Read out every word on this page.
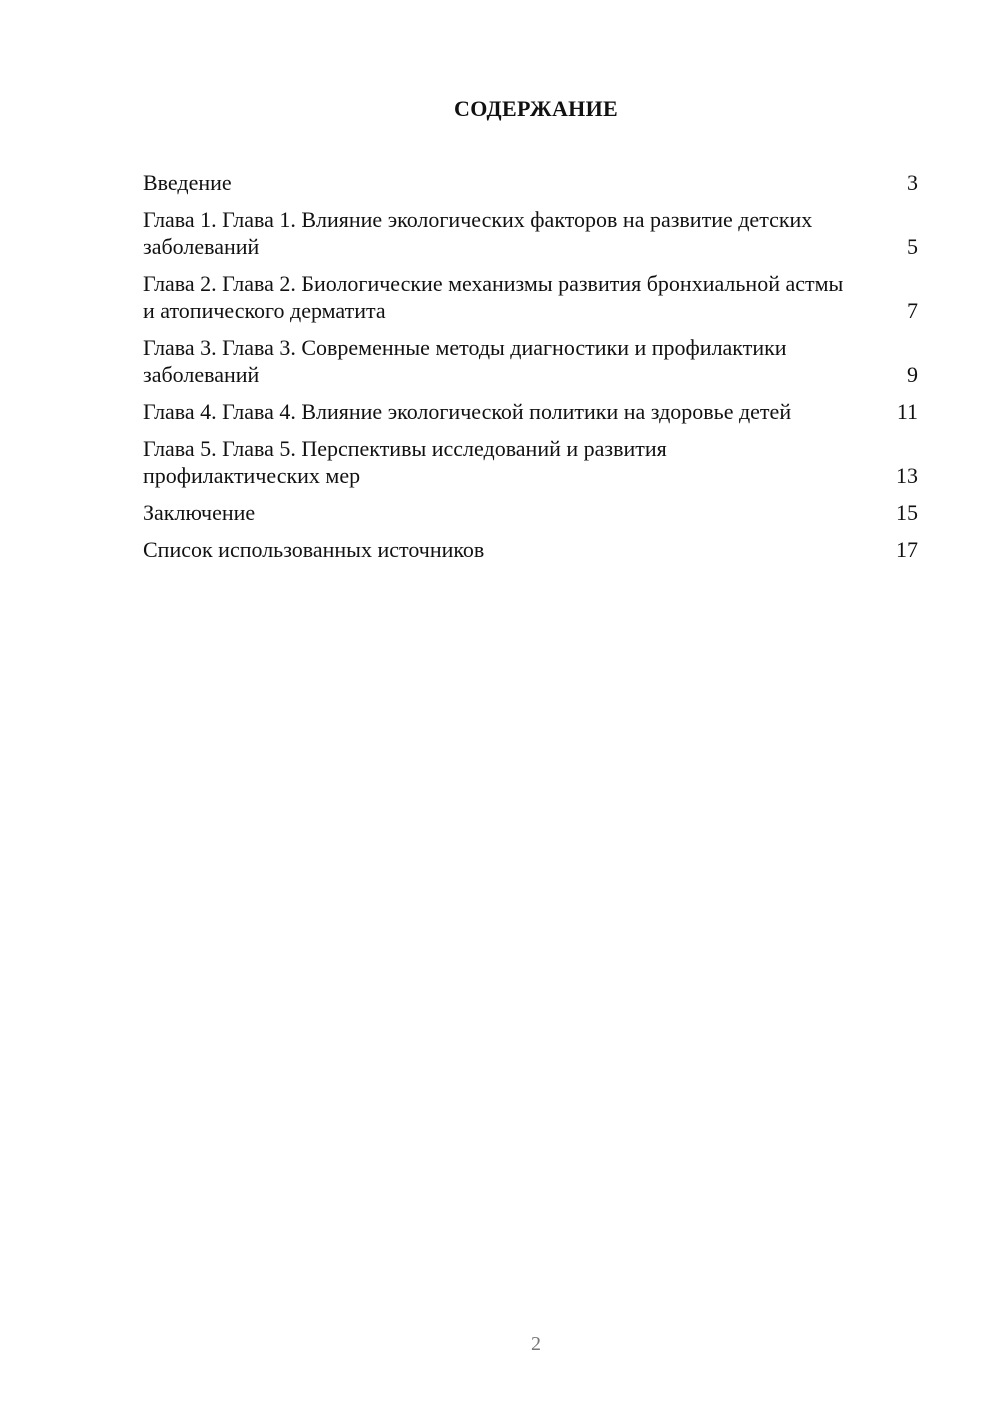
СОДЕРЖАНИЕ
Введение	3
Глава 1. Глава 1. Влияние экологических факторов на развитие детских заболеваний	5
Глава 2. Глава 2. Биологические механизмы развития бронхиальной астмы и атопического дерматита	7
Глава 3. Глава 3. Современные методы диагностики и профилактики заболеваний	9
Глава 4. Глава 4. Влияние экологической политики на здоровье детей	11
Глава 5. Глава 5. Перспективы исследований и развития профилактических мер	13
Заключение	15
Список использованных источников	17
2
